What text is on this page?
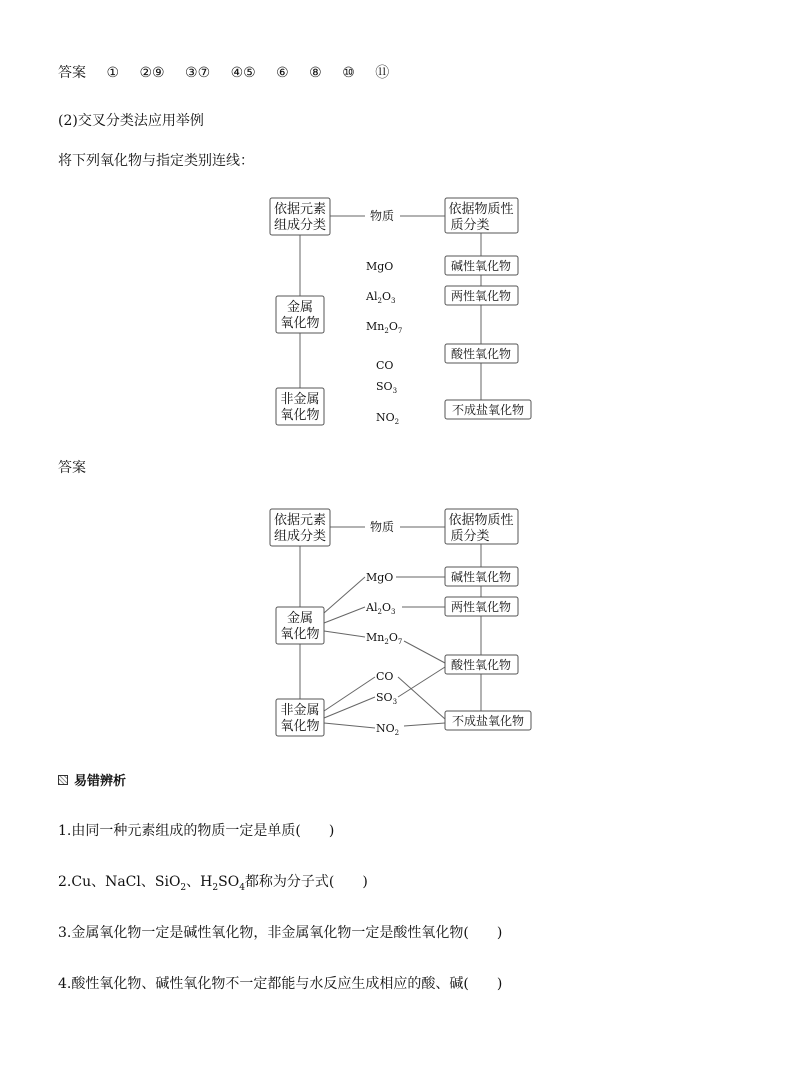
答案 ① ②⑨ ③⑦ ④⑤ ⑥ ⑧ ⑩ ⑪
(2)交叉分类法应用举例
将下列氧化物与指定类别连线：
依据元素
组成分类
物质	依据物质性
质分类
金属
氧化物
非金属
氧化物
碱性氧化物
两性氧化物
酸性氧化物
不成盐氧化物
MgO
$Al_2O_3$
$Mn_2O_7$
CO
$SO_3$
$NO_2$
答案
依据元素
组成分类
物质	依据物质性
质分类
金属
氧化物
非金属
氧化物
碱性氧化物
两性氧化物
酸性氧化物
不成盐氧化物
MgO
$Al_2O_3$
$Mn_2O_7$
CO
$SO_3$
$NO_2$
易错辨析
1.由同一种元素组成的物质一定是单质(　　)
2.Cu、NaCl、SiO$_2$、$H_2SO_4$都称为分子式(　　)
3.金属氧化物一定是碱性氧化物，非金属氧化物一定是酸性氧化物(　　)
4.酸性氧化物、碱性氧化物不一定都能与水反应生成相应的酸、碱(　　)
